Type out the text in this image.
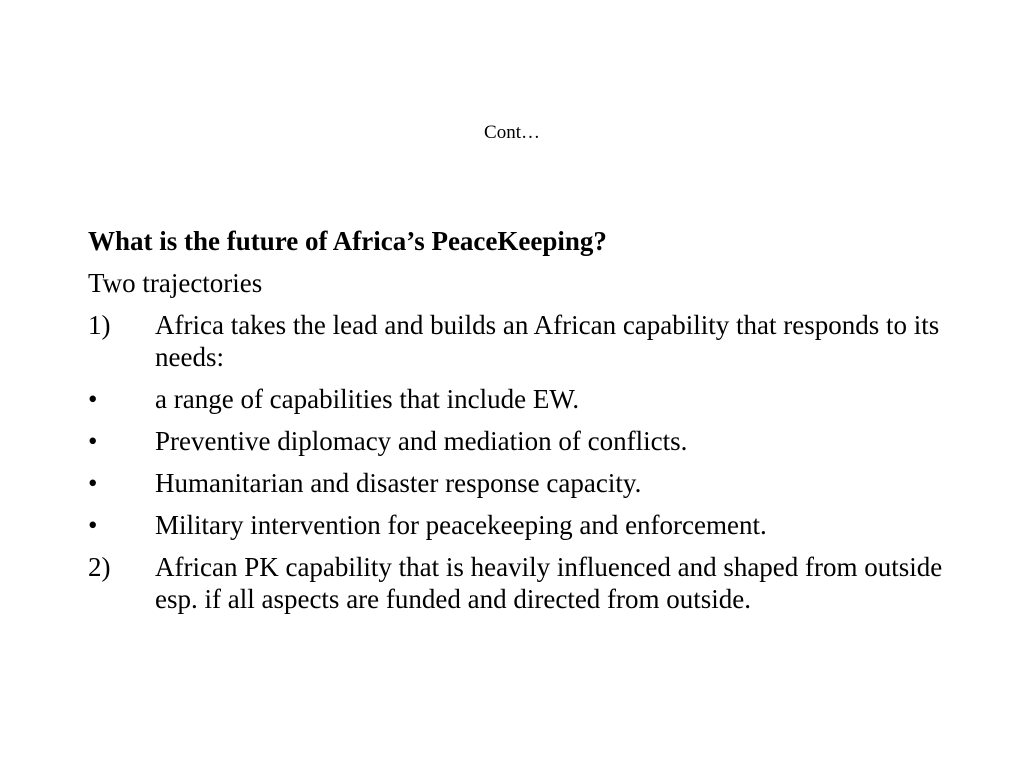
Cont…
What is the future of Africa’s PeaceKeeping?
Two trajectories
1)	Africa takes the lead and builds an African capability that responds to its needs:
•	a range of capabilities that include EW.
•	Preventive diplomacy and mediation of conflicts.
•	Humanitarian and disaster response capacity.
•	Military intervention for peacekeeping and enforcement.
2)	African PK capability that is heavily influenced and shaped from outside esp. if all aspects are funded and directed from outside.
